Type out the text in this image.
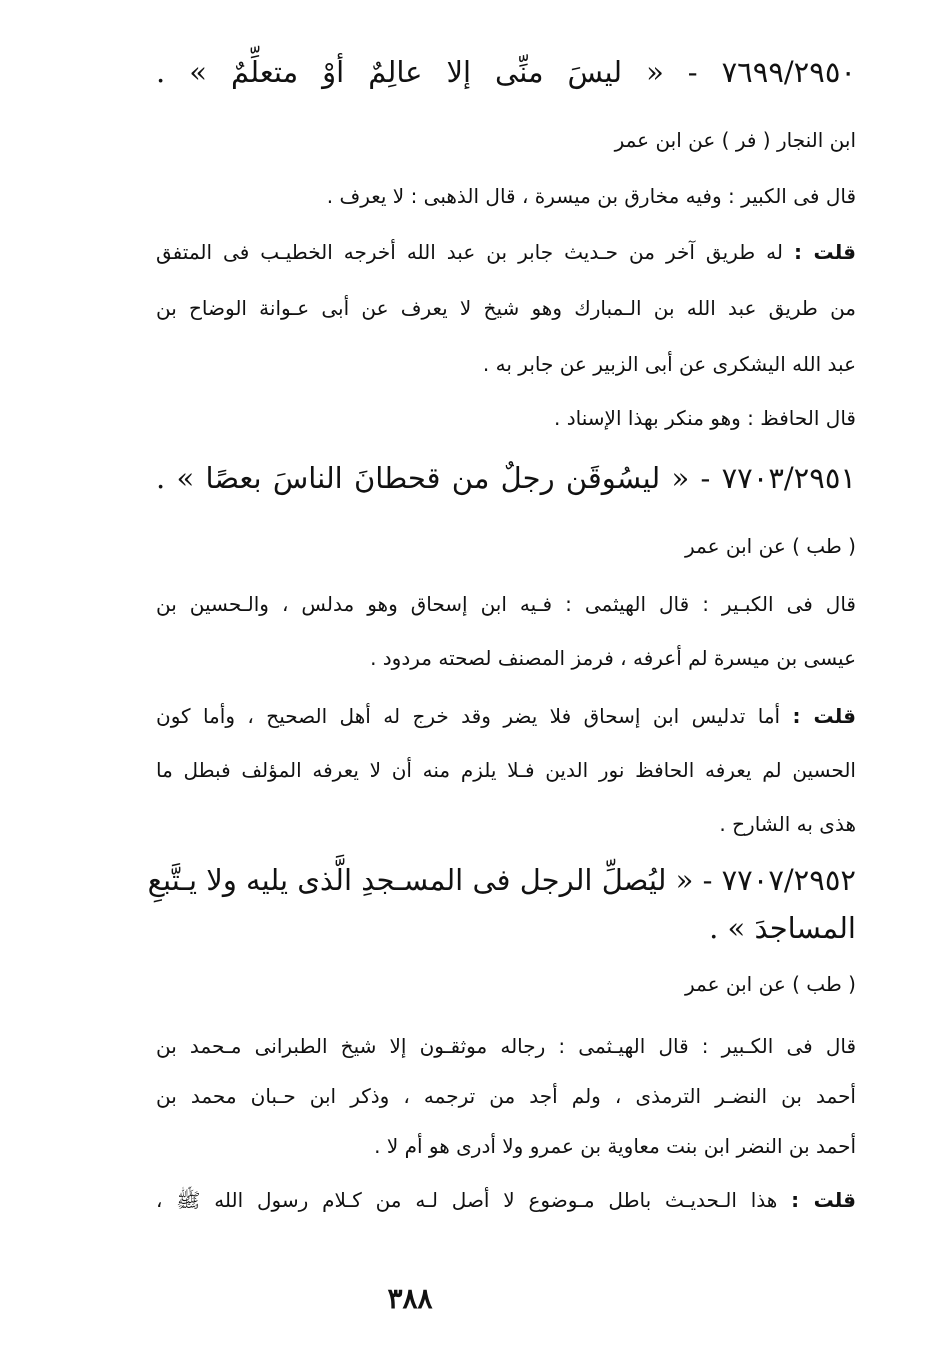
٧٦٩٩/٢٩٥٠ - « ليسَ منِّى إلا عالِمٌ أوْ متعلِّمٌ » .

ابن النجار ( فر ) عن ابن عمر

قال فى الكبير : وفيه مخارق بن ميسرة ، قال الذهبى : لا يعرف .

قلت : له طريق آخر من حـديث جابر بن عبد الله أخرجه الخطيـب فى المتفق

من طريق عبد الله بن الـمبارك وهو شيخ لا يعرف عن أبى عـوانة الوضاح بن

عبد الله اليشكرى عن أبى الزبير عن جابر به .

قال الحافظ : وهو منكر بهذا الإسناد .

٧٧٠٣/٢٩٥١ - « ليسُوقَن رجلٌ من قحطانَ الناسَ بعصًا » .

( طب ) عن ابن عمر

قال فى الكبـير : قال الهيثمى : فـيه ابن إسحاق وهو مدلس ، والـحسين بن

عيسى بن ميسرة لم أعرفه ، فرمز المصنف لصحته مردود .

قلت : أما تدليس ابن إسحاق فلا يضر وقد خرج له أهل الصحيح ، وأما كون

الحسين لم يعرفه الحافظ نور الدين فـلا يلزم منه أن لا يعرفه المؤلف فبطل ما

هذى به الشارح .

٧٧٠٧/٢٩٥٢ - « ليُصلِّ الرجل فى المسـجدِ الَّذى يليه ولا يـتَّبعِ

المساجدَ » .

( طب ) عن ابن عمر

قال فى الكـبير : قال الهيـثمى : رجاله موثقـون إلا شيخ الطبرانى مـحمد بن

أحمد بن النضـر الترمذى ، ولم أجد من ترجمه ، وذكر ابن حـبان محمد بن

أحمد بن النضر ابن بنت معاوية بن عمرو ولا أدرى هو أم لا .

قلت : هذا الـحديـث باطل مـوضوع لا أصل لـه من كـلام رسول الله ﷺ ،

٣٨٨
